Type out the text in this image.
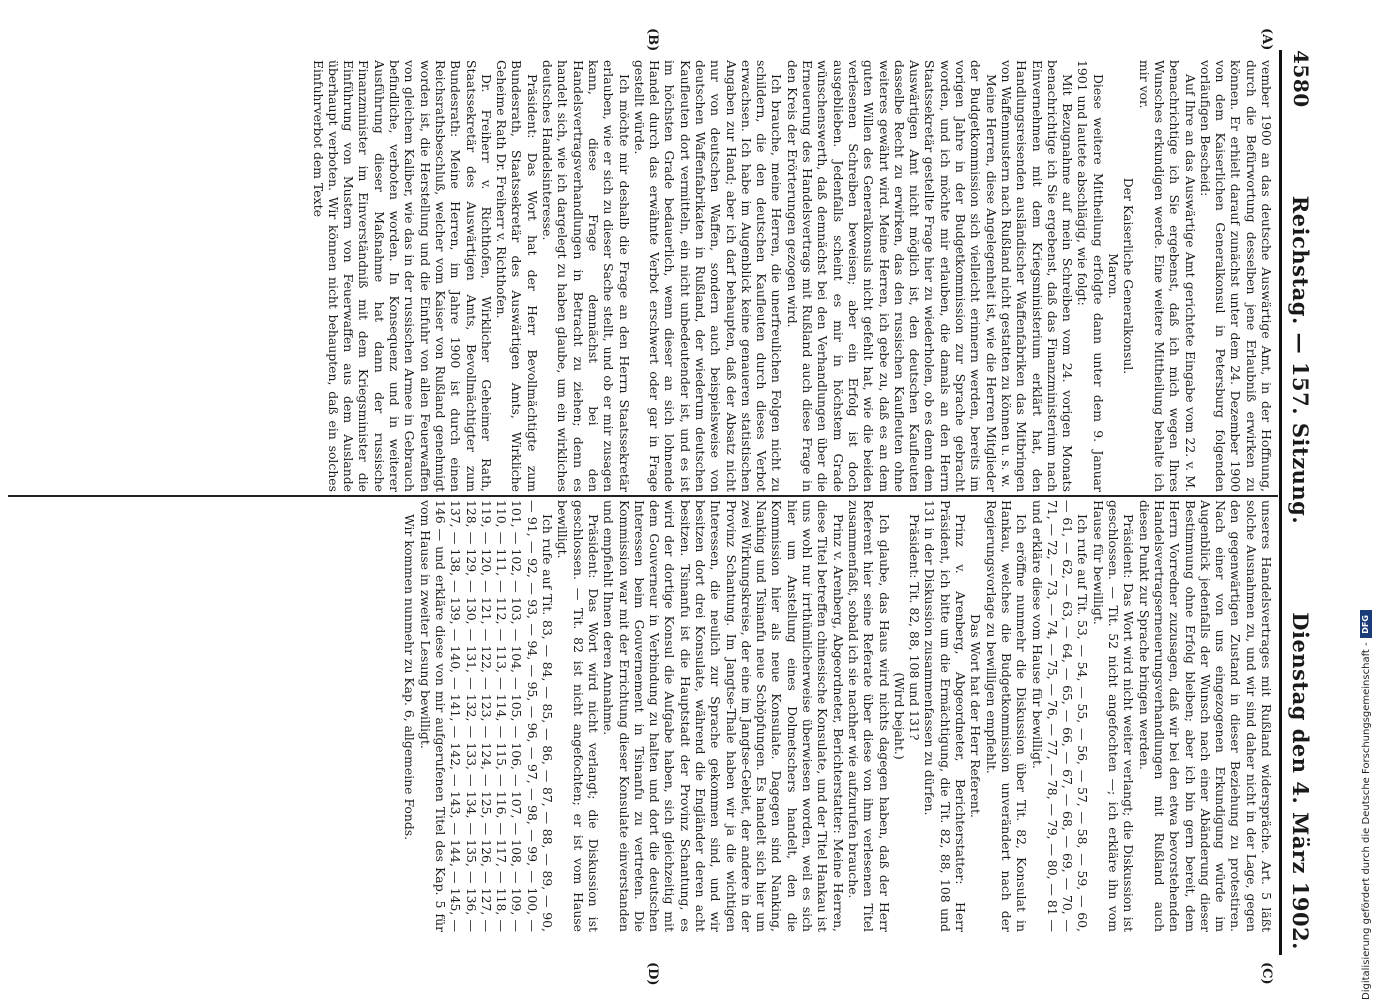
4580
Reichstag. — 157. Sitzung.
Dienstag den 4. März 1902.
(A)
(B)
(C)
(D)

vember 1900 an das deutsche Auswärtige Amt, in der Hoffnung, durch die Befürwortung desselben jene Erlaubniß erwirken zu können. Er erhielt darauf zunächst unter dem 24. Dezember 1900 von dem Kaiserlichen Generalkonsul in Petersburg folgenden vorläufigen Bescheid:

Auf Ihre an das Auswärtige Amt gerichtete Eingabe vom 22. v. M. benachrichtige ich Sie ergebenst, daß ich mich wegen Ihres Wunsches erkundigen werde. Eine weitere Mittheilung behalte ich mir vor.

Der Kaiserliche Generalkonsul.

Maron.

Diese weitere Mittheilung erfolgte dann unter dem 9. Januar 1901 und lautete abschlägig, wie folgt:

Mit Bezugnahme auf mein Schreiben vom 24. vorigen Monats benachrichtige ich Sie ergebenst, daß das Finanzministerium nach Einvernehmen mit dem Kriegsministerium erklärt hat, den Handlungsreisenden ausländischer Waffenfabriken das Mitbringen von Waffenmustern nach Rußland nicht gestatten zu können u. s. w.

Meine Herren, diese Angelegenheit ist, wie die Herren Mitglieder der Budgetkommission sich vielleicht erinnern werden, bereits im vorigen Jahre in der Budgetkommission zur Sprache gebracht worden, und ich möchte mir erlauben, die damals an den Herrn Staatssekretär gestellte Frage hier zu wiederholen, ob es denn dem Auswärtigen Amt nicht möglich ist, den deutschen Kaufleuten dasselbe Recht zu erwirken, das den russischen Kaufleuten ohne weiteres gewährt wird. Meine Herren, ich gebe zu, daß es an dem guten Willen des Generalkonsuls nicht gefehlt hat, wie die beiden verlesenen Schreiben beweisen; aber ein Erfolg ist doch ausgeblieben. Jedenfalls scheint es mir in höchstem Grade wünschenswerth, daß demnächst bei den Verhandlungen über die Erneuerung des Handelsvertrags mit Rußland auch diese Frage in den Kreis der Erörterungen gezogen wird.

Ich brauche, meine Herren, die unerfreulichen Folgen nicht zu schildern, die den deutschen Kaufleuten durch dieses Verbot erwachsen. Ich habe im Augenblick keine genaueren statistischen Angaben zur Hand; aber ich darf behaupten, daß der Absatz nicht nur von deutschen Waffen, sondern auch beispielsweise von deutschen Waffenfabrikaten in Rußland, der wiederum deutschen Kaufleuten dort vermitteln, ein nicht unbedeutender ist, und es ist im höchsten Grade bedauerlich, wenn dieser an sich lohnende Handel durch das erwähnte Verbot erschwert oder gar in Frage gestellt würde.

Ich möchte mir deshalb die Frage an den Herrn Staatssekretär erlauben, wie er sich zu dieser Sache stellt, und ob er mir zusagen kann, diese Frage demnächst bei den Handelsvertragsverhandlungen in Betracht zu ziehen; denn es handelt sich, wie ich dargelegt zu haben glaube, um ein wirkliches deutsches Handelsinteresse.

Präsident: Das Wort hat der Herr Bevollmächtigte zum Bundesrath, Staatssekretär des Auswärtigen Amts, Wirkliche Geheime Rath Dr. Freiherr v. Richthofen.

Dr. Freiherr v. Richthofen, Wirklicher Geheimer Rath, Staatssekretär des Auswärtigen Amts, Bevollmächtigter zum Bundesrath: Meine Herren, im Jahre 1900 ist durch einen Reichsrathsbeschluß, welcher vom Kaiser von Rußland genehmigt worden ist, die Herstellung und die Einfuhr von allen Feuerwaffen von gleichem Kaliber, wie das in der russischen Armee in Gebrauch befindliche, verboten worden. In Konsequenz und in weiterer Ausführung dieser Maßnahme hat dann der russische Finanzminister im Einverständniß mit dem Kriegsminister die Einführung von Mustern von Feuerwaffen aus dem Auslande überhaupt verboten. Wir können nicht behaupten, daß ein solches Einfuhrverbot dem Texte

unseres Handelsvertrages mit Rußland widerspräche. Art. 5 läßt solche Ausnahmen zu, und wir sind daher nicht in der Lage, gegen den gegenwärtigen Zustand in dieser Beziehung zu protestiren. Nach einer von uns eingezogenen Erkundigung würde im Augenblick jedenfalls der Wunsch nach einer Abänderung dieser Bestimmung ohne Erfolg bleiben; aber ich bin gern bereit, dem Herrn Vorredner zuzusagen, daß wir bei den etwa bevorstehenden Handelsvertragserneuerungsverhandlungen mit Rußland auch diesen Punkt zur Sprache bringen werden.

Präsident: Das Wort wird nicht weiter verlangt; die Diskussion ist geschlossen. — Tit. 52 nicht angefochten —; ich erkläre ihn vom Hause für bewilligt.

Ich rufe auf Tit. 53, — 54, — 55, — 56, — 57, — 58, — 59, — 60, — 61, — 62, — 63, — 64, — 65, — 66, — 67, — 68, — 69, — 70, — 71, — 72, — 73, — 74, — 75, — 76, — 77, — 78, — 79, — 80, — 81 — und erkläre diese vom Hause für bewilligt.

Ich eröffne nunmehr die Diskussion über Tit. 82, Konsulat in Hankau, welches die Budgetkommission unverändert nach der Regierungsvorlage zu bewilligen empfiehlt.

Das Wort hat der Herr Referent.

Prinz v. Arenberg, Abgeordneter, Berichterstatter: Herr Präsident, ich bitte um die Ermächtigung, die Tit. 82, 88, 108 und 131 in der Diskussion zusammenfassen zu dürfen.

Präsident: Tit. 82, 88, 108 und 131?

(Wird bejaht.)

Ich glaube, das Haus wird nichts dagegen haben, daß der Herr Referent hier seine Referate über diese von ihm verlesenen Titel zusammenfaßt, sobald ich sie nachher wie aufzurufen brauche.

Prinz v. Arenberg, Abgeordneter, Berichterstatter: Meine Herren, diese Titel betreffen chinesische Konsulate, und der Titel Hankau ist uns wohl nur irrthümlicherweise überwiesen worden, weil es sich hier um Anstellung eines Dolmetschers handelt, den die Kommission hier als neue Konsulate. Dagegen sind Nanking, Nanking und Tsinanfu neue Schöpfungen. Es handelt sich hier um zwei Wirkungskreise, der eine im Jangtse-Gebiet, der andere in der Provinz Schantung. Im Jangtse-Thale haben wir ja die wichtigen Interessen, die neulich zur Sprache gekommen sind, und wir besitzen dort drei Konsulate, während die Engländer deren acht besitzen. Tsinanfu ist die Hauptstadt der Provinz Schantung, es wird der dortige Konsul die Aufgabe haben, sich gleichzeitig mit dem Gouverneur in Verbindung zu halten und dort die deutschen Interessen beim Gouvernement in Tsinanfu zu vertreten. Die Kommission war mit der Errichtung dieser Konsulate einverstanden und empfiehlt Ihnen deren Annahme.

Präsident: Das Wort wird nicht verlangt; die Diskussion ist geschlossen. — Tit. 82 ist nicht angefochten; er ist vom Hause bewilligt.

Ich rufe auf Tit. 83, — 84, — 85, — 86, — 87, — 88, — 89, — 90, — 91, — 92, — 93, — 94, — 95, — 96, — 97, — 98, — 99, — 100, — 101, — 102, — 103, — 104, — 105, — 106, — 107, — 108, — 109, — 110, — 111, — 112, — 113, — 114, — 115, — 116, — 117, — 118, — 119, — 120, — 121, — 122, — 123, — 124, — 125, — 126, — 127, — 128, — 129, — 130, — 131, — 132, — 133, — 134, — 135, — 136, — 137, — 138, — 139, — 140, — 141, — 142, — 143, — 144, — 145, — 146 — und erkläre diese von mir aufgerufenen Titel des Kap. 5 für vom Hause in zweiter Lesung bewilligt.

Wir kommen nunmehr zu Kap. 6, allgemeine Fonds.	Digitalisierung gefördert durch die Deutsche Forschungsgemeinschaft -
DFG
